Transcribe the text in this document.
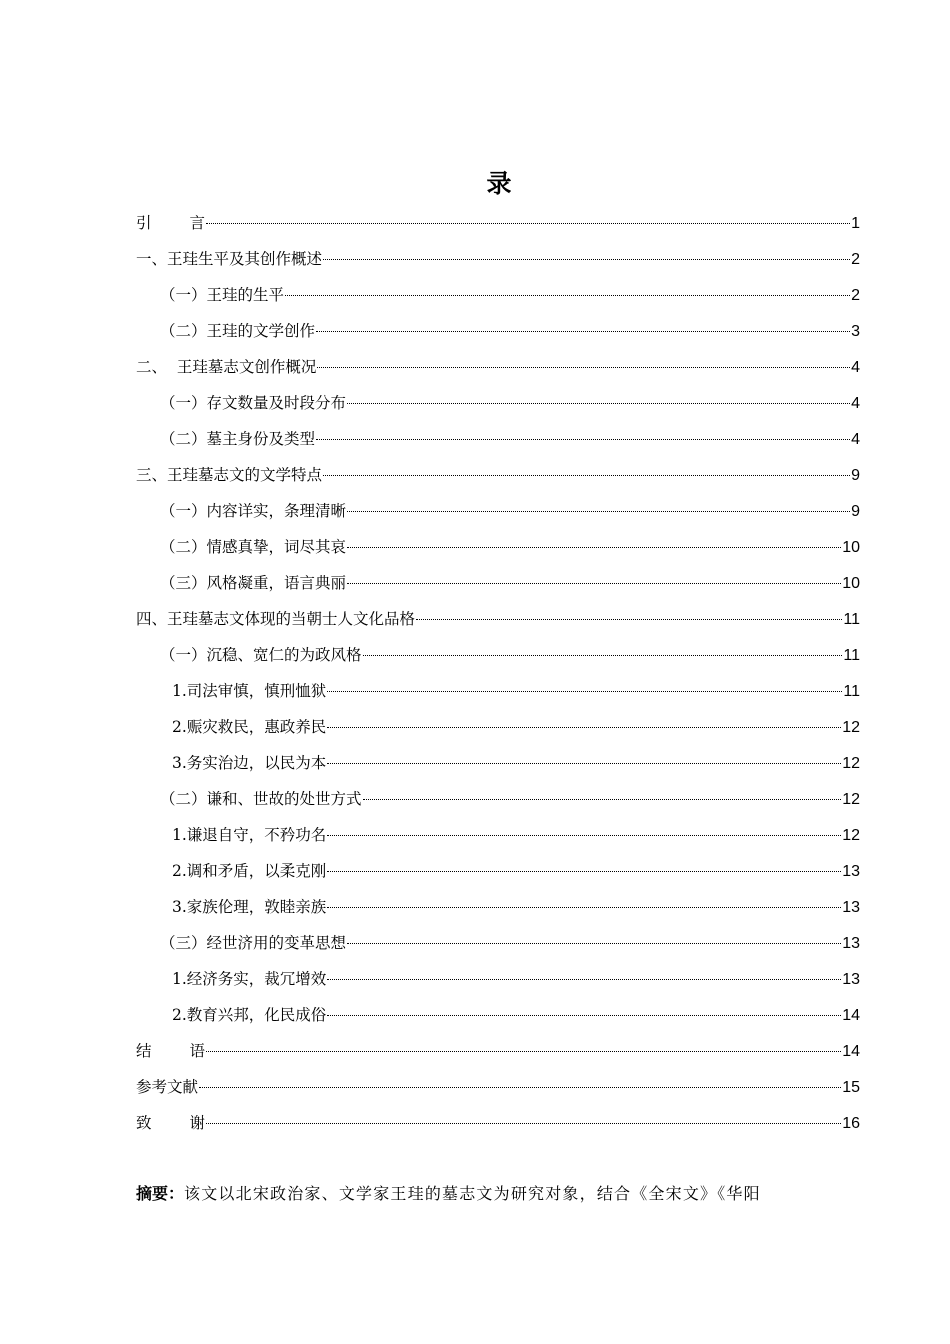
录
引 言	1
一、王珪生平及其创作概述	2
（一）王珪的生平	2
（二）王珪的文学创作	3
二、  王珪墓志文创作概况	4
（一）存文数量及时段分布	4
（二）墓主身份及类型	4
三、王珪墓志文的文学特点	9
（一）内容详实，条理清晰	9
（二）情感真挚，词尽其哀	10
（三）风格凝重，语言典丽	10
四、王珪墓志文体现的当朝士人文化品格	11
（一）沉稳、宽仁的为政风格	11
1.司法审慎，慎刑恤狱	11
2.赈灾救民，惠政养民	12
3.务实治边，以民为本	12
（二）谦和、世故的处世方式	12
1.谦退自守，不矜功名	12
2.调和矛盾，以柔克刚	13
3.家族伦理，敦睦亲族	13
（三）经世济用的变革思想	13
1.经济务实，裁冗增效	13
2.教育兴邦，化民成俗	14
结 语	14
参考文献	15
致 谢	16
摘要：该文以北宋政治家、文学家王珪的墓志文为研究对象，结合《全宋文》《华阳
